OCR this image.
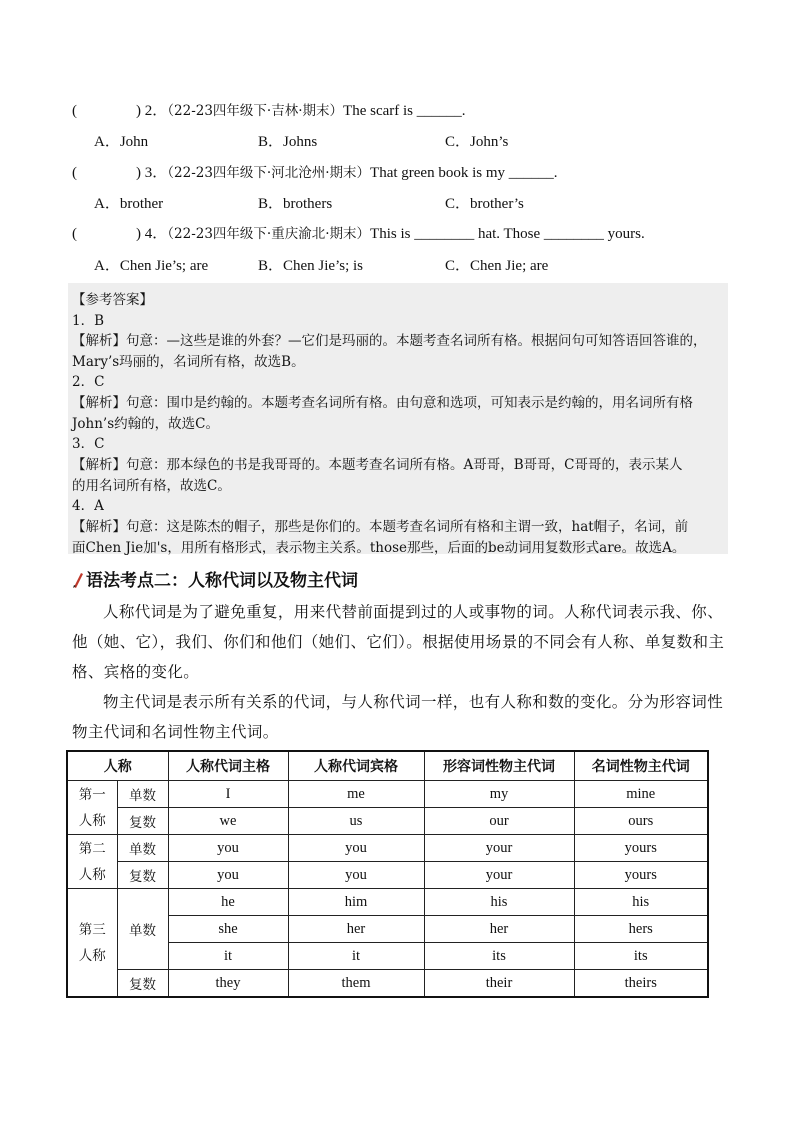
(	) 2．（22-23四年级下·吉林·期末）The scarf is ______.
A．John	B．Johns	C．John’s
(	) 3．（22-23四年级下·河北沧州·期末）That green book is my ______.
A．brother	B．brothers	C．brother’s
(	) 4．（22-23四年级下·重庆渝北·期末）This is ________ hat. Those ________ yours.
A．Chen Jie’s; are	B．Chen Jie’s; is	C．Chen Jie; are
【参考答案】
1．B
【解析】句意：—这些是谁的外套？—它们是玛丽的。本题考查名词所有格。根据问句可知答语回答谁的，
Mary’s玛丽的，名词所有格，故选B。
2．C
【解析】句意：围巾是约翰的。本题考查名词所有格。由句意和选项，可知表示是约翰的，用名词所有格
John’s约翰的，故选C。
3．C
【解析】句意：那本绿色的书是我哥哥的。本题考查名词所有格。A哥哥，B哥哥，C哥哥的，表示某人
的用名词所有格，故选C。
4．A
【解析】句意：这是陈杰的帽子，那些是你们的。本题考查名词所有格和主谓一致，hat帽子，名词，前
面Chen Jie加's，用所有格形式，表示物主关系。those那些，后面的be动词用复数形式are。故选A。
语法考点二：人称代词以及物主代词
人称代词是为了避免重复，用来代替前面提到过的人或事物的词。人称代词表示我、你、他（她、它），我们、你们和他们（她们、它们）。根据使用场景的不同会有人称、单复数和主格、宾格的变化。
物主代词是表示所有关系的代词，与人称代词一样，也有人称和数的变化。分为形容词性物主代词和名词性物主代词。
人称		人称代词主格	人称代词宾格	形容词性物主代词	名词性物主代词

第一
人称	单数	I	me	my	mine
	复数	we	us	our	ours

第二
人称	单数	you	you	your	yours
	复数	you	you	your	yours

第三
人称	单数	he	him	his	his
		she	her	her	hers
		it	it	its	its
	复数	they	them	their	theirs
